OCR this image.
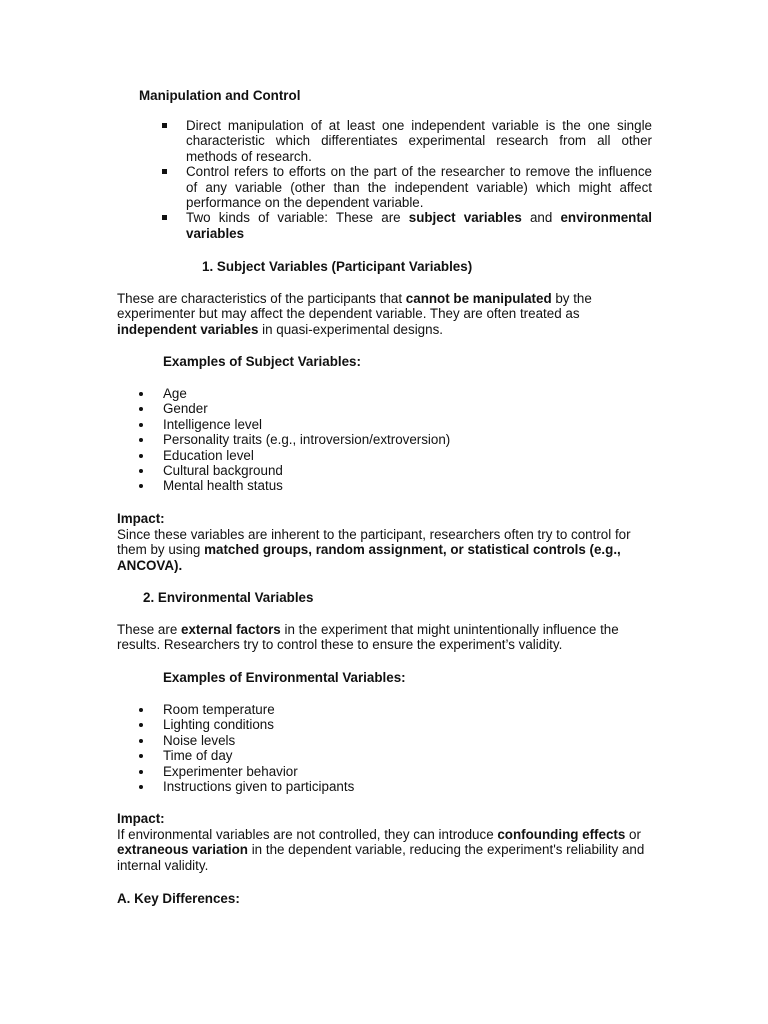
Manipulation and Control
Direct manipulation of at least one independent variable is the one single characteristic which differentiates experimental research from all other methods of research.
Control refers to efforts on the part of the researcher to remove the influence of any variable (other than the independent variable) which might affect performance on the dependent variable.
Two kinds of variable: These are subject variables and environmental variables
1. Subject Variables (Participant Variables)
These are characteristics of the participants that cannot be manipulated by the experimenter but may affect the dependent variable. They are often treated as independent variables in quasi-experimental designs.
Examples of Subject Variables:
Age
Gender
Intelligence level
Personality traits (e.g., introversion/extroversion)
Education level
Cultural background
Mental health status
Impact:
Since these variables are inherent to the participant, researchers often try to control for them by using matched groups, random assignment, or statistical controls (e.g., ANCOVA).
2. Environmental Variables
These are external factors in the experiment that might unintentionally influence the results. Researchers try to control these to ensure the experiment’s validity.
Examples of Environmental Variables:
Room temperature
Lighting conditions
Noise levels
Time of day
Experimenter behavior
Instructions given to participants
Impact:
If environmental variables are not controlled, they can introduce confounding effects or extraneous variation in the dependent variable, reducing the experiment's reliability and internal validity.
A. Key Differences:
